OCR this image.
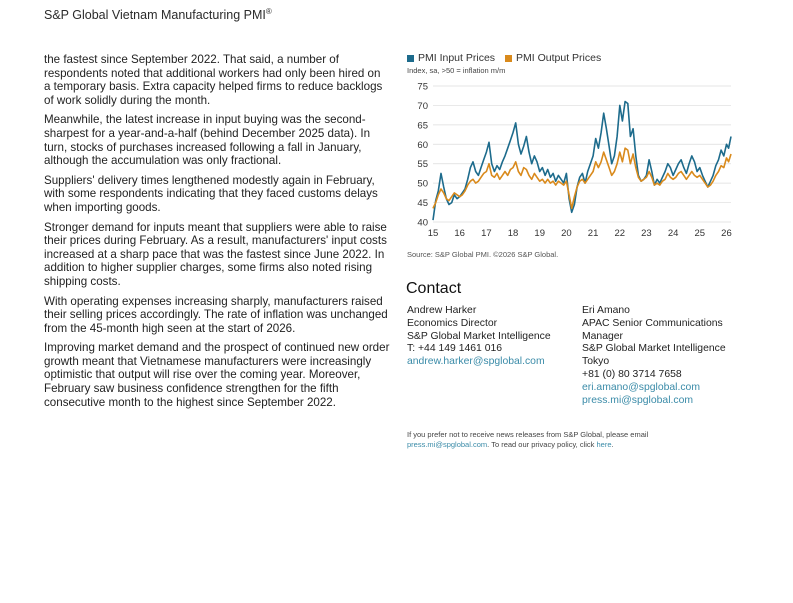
S&P Global Vietnam Manufacturing PMI®

the fastest since September 2022. That said, a number of respondents noted that additional workers had only been hired on a temporary basis. Extra capacity helped firms to reduce backlogs of work solidly during the month.

Meanwhile, the latest increase in input buying was the second-sharpest for a year-and-a-half (behind December 2025 data). In turn, stocks of purchases increased following a fall in January, although the accumulation was only fractional.

Suppliers' delivery times lengthened modestly again in February, with some respondents indicating that they faced customs delays when importing goods.

Stronger demand for inputs meant that suppliers were able to raise their prices during February. As a result, manufacturers' input costs increased at a sharp pace that was the fastest since June 2022. In addition to higher supplier charges, some firms also noted rising shipping costs.

With operating expenses increasing sharply, manufacturers raised their selling prices accordingly. The rate of inflation was unchanged from the 45-month high seen at the start of 2026.

Improving market demand and the prospect of continued new order growth meant that Vietnamese manufacturers were increasingly optimistic that output will rise over the coming year. Moreover, February saw business confidence strengthen for the fifth consecutive month to the highest since September 2022.

PMI Input Prices PMI Output Prices
Index, sa, >50 = inflation m/m
40
45
50
55
60
65
70
75
15 16 17 18 19 20 21 22 23 24 25 26
Source: S&P Global PMI. ©2026 S&P Global.
Contact
Andrew Harker
Economics Director
S&P Global Market Intelligence
T: +44 149 1461 016
andrew.harker@spglobal.com
Eri Amano
APAC Senior Communications
Manager
S&P Global Market Intelligence
Tokyo
+81 (0) 80 3714 7658
eri.amano@spglobal.com
press.mi@spglobal.com
If you prefer not to receive news releases from S&P Global, please email
press.mi@spglobal.com. To read our privacy policy, click here.
